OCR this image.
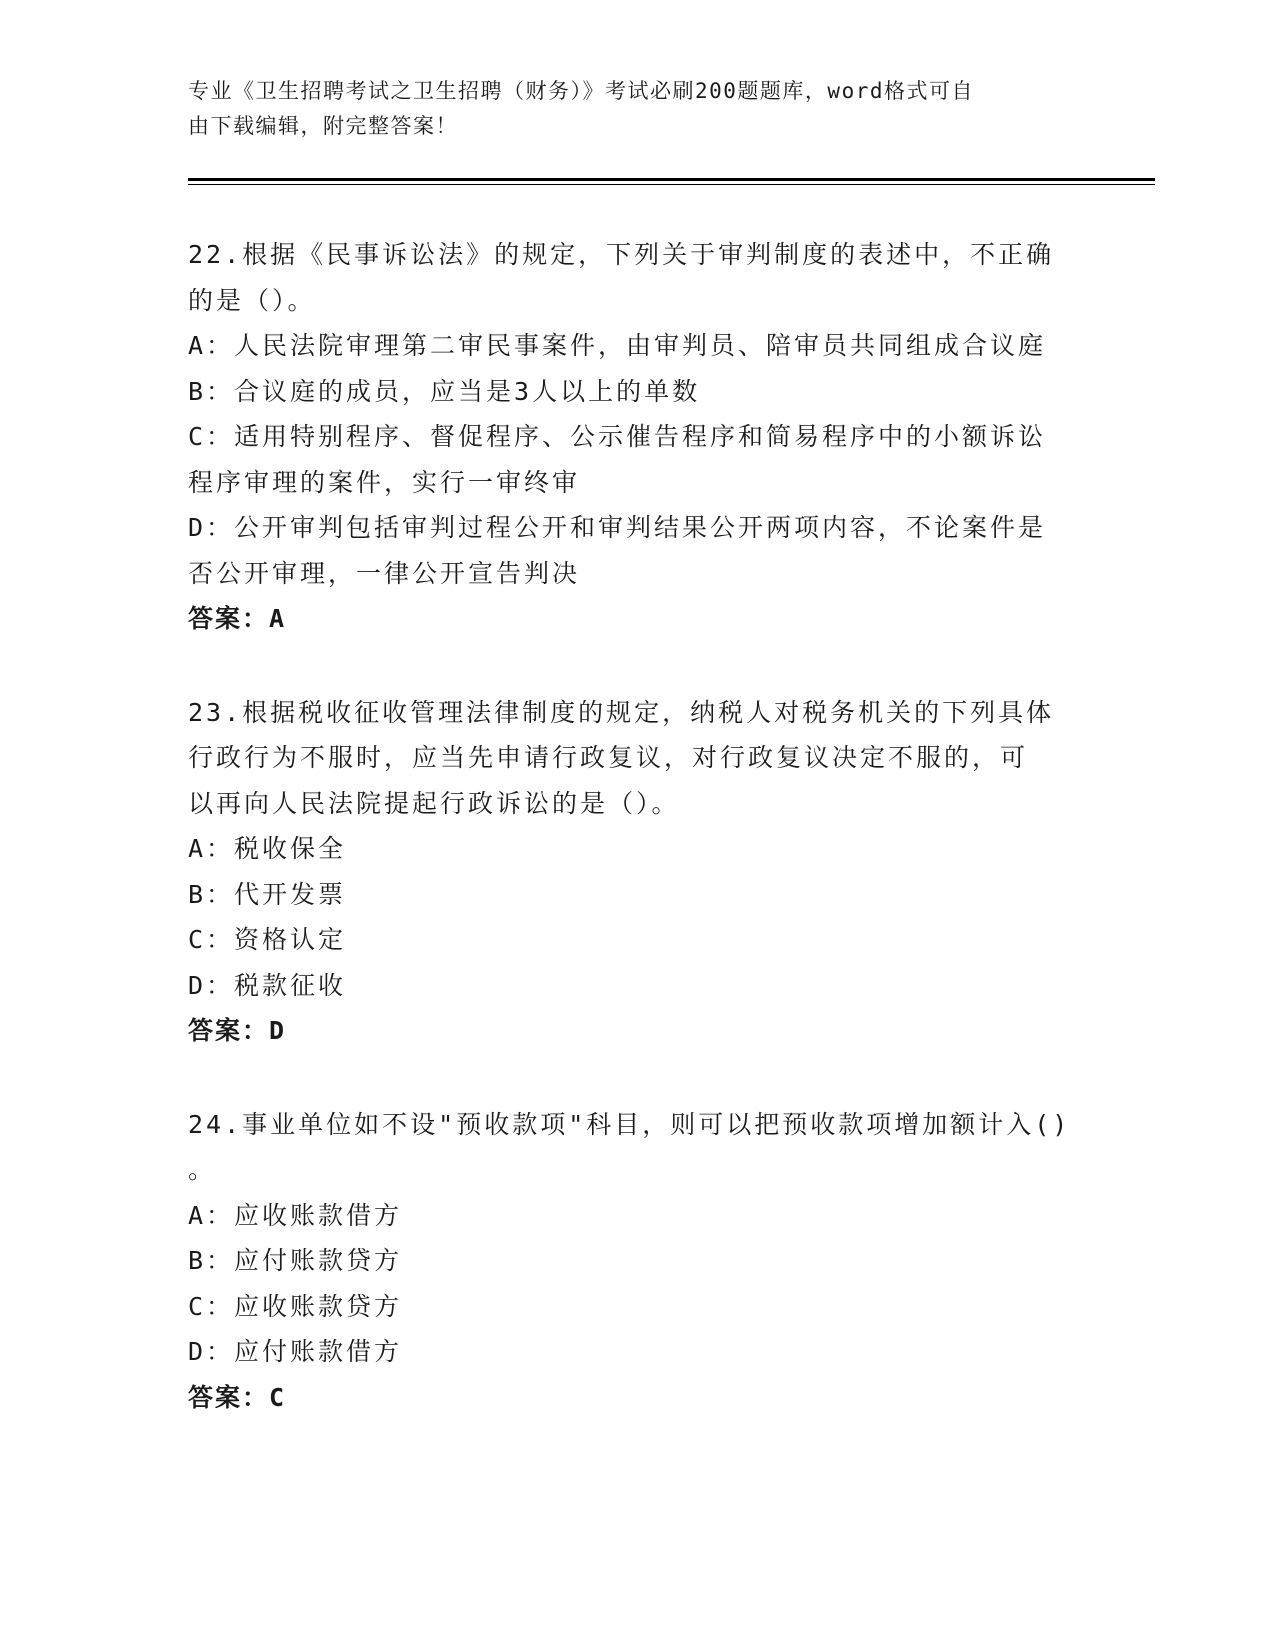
专业《卫生招聘考试之卫生招聘（财务）》考试必刷200题题库，word格式可自
由下载编辑，附完整答案！
22.根据《民事诉讼法》的规定，下列关于审判制度的表述中，不正确
的是（）。
A：人民法院审理第二审民事案件，由审判员、陪审员共同组成合议庭
B：合议庭的成员，应当是3人以上的单数
C：适用特别程序、督促程序、公示催告程序和简易程序中的小额诉讼
程序审理的案件，实行一审终审
D：公开审判包括审判过程公开和审判结果公开两项内容，不论案件是
否公开审理，一律公开宣告判决
答案：A
23.根据税收征收管理法律制度的规定，纳税人对税务机关的下列具体
行政行为不服时，应当先申请行政复议，对行政复议决定不服的，可
以再向人民法院提起行政诉讼的是（）。
A：税收保全
B：代开发票
C：资格认定
D：税款征收
答案：D
24.事业单位如不设"预收款项"科目，则可以把预收款项增加额计入()
。
A：应收账款借方
B：应付账款贷方
C：应收账款贷方
D：应付账款借方
答案：C
